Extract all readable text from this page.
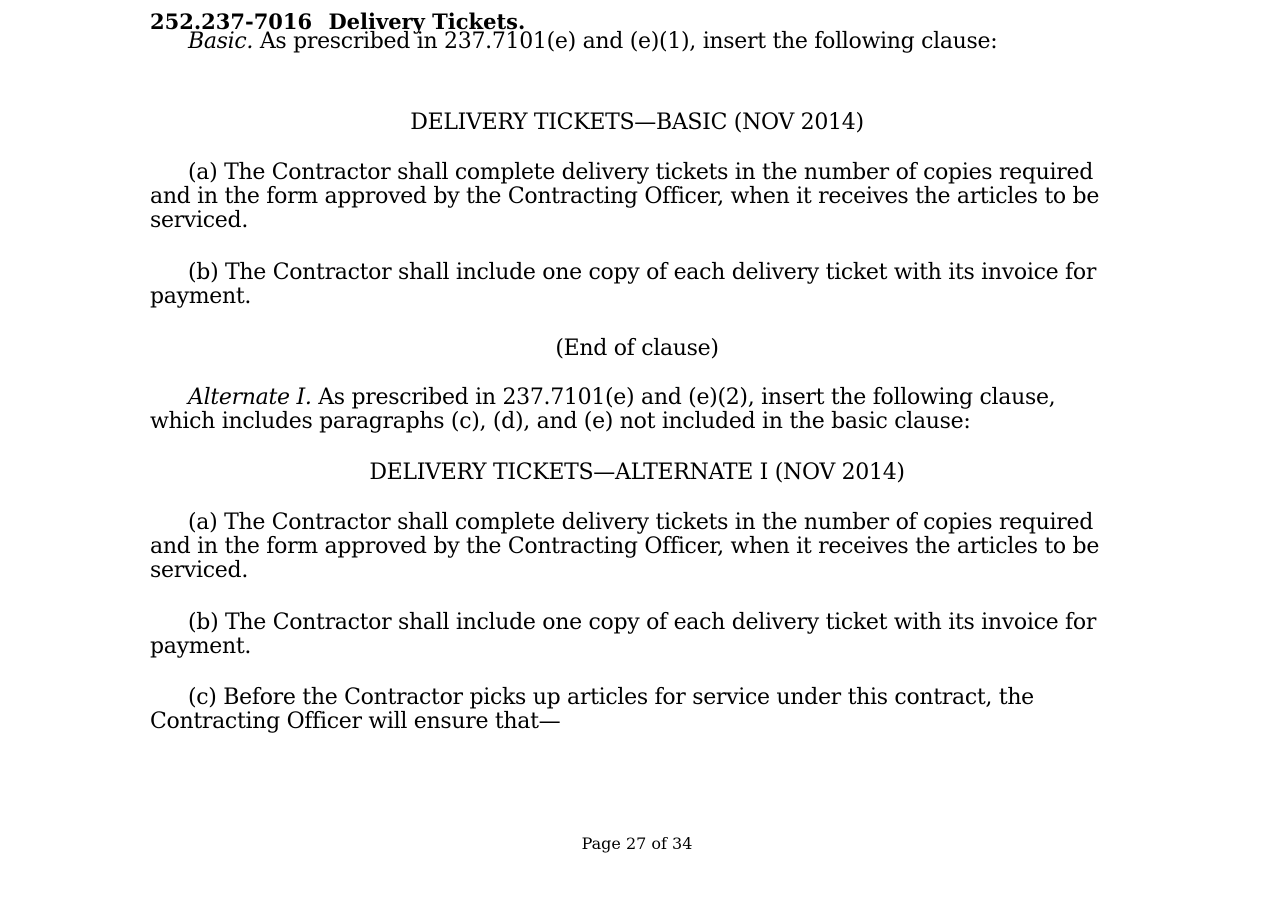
252.237-7016 Delivery Tickets.
Basic. As prescribed in 237.7101(e) and (e)(1), insert the following clause:
DELIVERY TICKETS—BASIC (NOV 2014)
(a) The Contractor shall complete delivery tickets in the number of copies required and in the form approved by the Contracting Officer, when it receives the articles to be serviced.
(b) The Contractor shall include one copy of each delivery ticket with its invoice for payment.
(End of clause)
Alternate I. As prescribed in 237.7101(e) and (e)(2), insert the following clause, which includes paragraphs (c), (d), and (e) not included in the basic clause:
DELIVERY TICKETS—ALTERNATE I (NOV 2014)
(a) The Contractor shall complete delivery tickets in the number of copies required and in the form approved by the Contracting Officer, when it receives the articles to be serviced.
(b) The Contractor shall include one copy of each delivery ticket with its invoice for payment.
(c) Before the Contractor picks up articles for service under this contract, the Contracting Officer will ensure that—
Page 27 of 34
